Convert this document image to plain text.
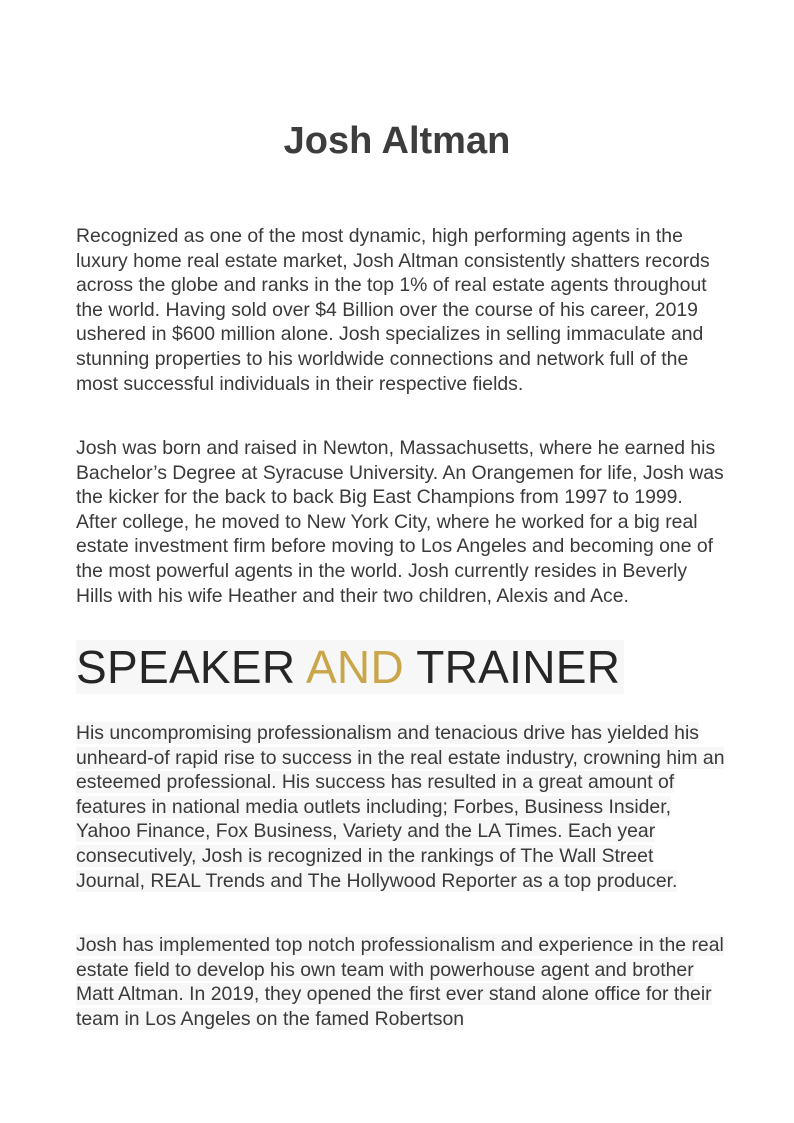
Josh Altman

Recognized as one of the most dynamic, high performing agents in the luxury home real estate market, Josh Altman consistently shatters records across the globe and ranks in the top 1% of real estate agents throughout the world. Having sold over $4 Billion over the course of his career, 2019 ushered in $600 million alone. Josh specializes in selling immaculate and stunning properties to his worldwide connections and network full of the most successful individuals in their respective fields.

Josh was born and raised in Newton, Massachusetts, where he earned his Bachelor’s Degree at Syracuse University. An Orangemen for life, Josh was the kicker for the back to back Big East Champions from 1997 to 1999. After college, he moved to New York City, where he worked for a big real estate investment firm before moving to Los Angeles and becoming one of the most powerful agents in the world. Josh currently resides in Beverly Hills with his wife Heather and their two children, Alexis and Ace.

SPEAKER AND TRAINER

His uncompromising professionalism and tenacious drive has yielded his unheard-of rapid rise to success in the real estate industry, crowning him an esteemed professional. His success has resulted in a great amount of features in national media outlets including; Forbes, Business Insider, Yahoo Finance, Fox Business, Variety and the LA Times. Each year consecutively, Josh is recognized in the rankings of The Wall Street Journal, REAL Trends and The Hollywood Reporter as a top producer.

Josh has implemented top notch professionalism and experience in the real estate field to develop his own team with powerhouse agent and brother Matt Altman. In 2019, they opened the first ever stand alone office for their team in Los Angeles on the famed Robertson
